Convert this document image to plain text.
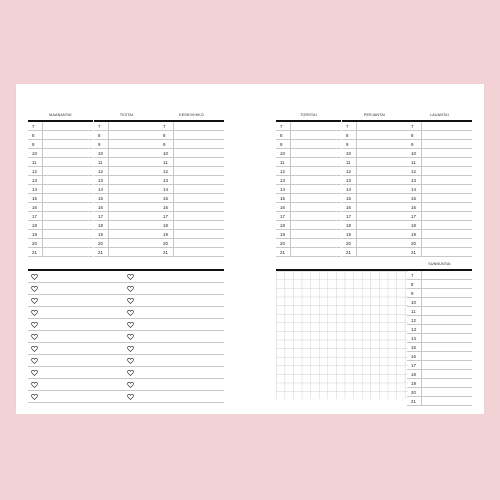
MAANANTAI
7
8
9
10
11
12
13
14
15
16
17
18
19
20
21
TIISTAI
7
8
9
10
11
12
13
14
15
16
17
18
19
20
21
KESKIVIIKKO
7
8
9
10
11
12
13
14
15
16
17
18
19
20
21
TORSTAI
7
8
9
10
11
12
13
14
15
16
17
18
19
20
21
PERJANTAI
7
8
9
10
11
12
13
14
15
16
17
18
19
20
21
LAUANTAI
7
8
9
10
11
12
13
14
15
16
17
18
19
20
21
SUNNUNTAI
7
8
9
10
11
12
13
14
15
16
17
18
19
20
21
